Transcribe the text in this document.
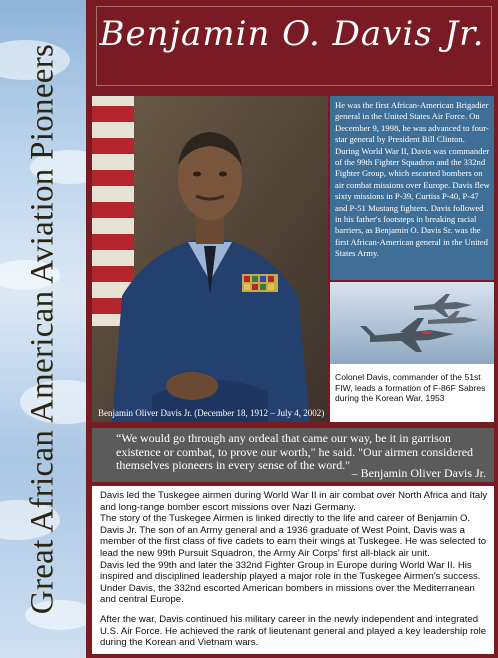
Great African American Aviation Pioneers
Benjamin O. Davis Jr.
Benjamin Oliver Davis Jr. (December 18, 1912 – July 4, 2002)

He was the first African-American Brigadier general in the United States Air Force. On December 9, 1998, he was advanced to four-star general by President Bill Clinton. During World War II, Davis was commander of the 99th Fighter Squadron and the 332nd Fighter Group, which escorted bombers on air combat missions over Europe. Davis flew sixty missions in P-39, Curtiss P-40, P-47 and P-51 Mustang fighters. Davis followed in his father's footsteps in breaking racial barriers, as Benjamin O. Davis Sr. was the first African-American general in the United States Army.

Colonel Davis, commander of the 51st FIW, leads a formation of F-86F Sabres during the Korean War, 1953

“We would go through any ordeal that came our way, be it in garrison existence or combat, to prove our worth," he said. "Our airmen considered themselves pioneers in every sense of the word."
– Benjamin Oliver Davis Jr.

Davis led the Tuskegee airmen during World War II in air combat over North Africa and Italy and long-range bomber escort missions over Nazi Germany.

The story of the Tuskegee Airmen is linked directly to the life and career of Benjamin O. Davis Jr. The son of an Army general and a 1936 graduate of West Point, Davis was a member of the first class of five cadets to earn their wings at Tuskegee. He was selected to lead the new 99th Pursuit Squadron, the Army Air Corps' first all-black air unit.

Davis led the 99th and later the 332nd Fighter Group in Europe during World War II. His inspired and disciplined leadership played a major role in the Tuskegee Airmen's success. Under Davis, the 332nd escorted American bombers in missions over the Mediterranean and central Europe.

After the war, Davis continued his military career in the newly independent and integrated U.S. Air Force. He achieved the rank of lieutenant general and played a key leadership role during the Korean and Vietnam wars.
